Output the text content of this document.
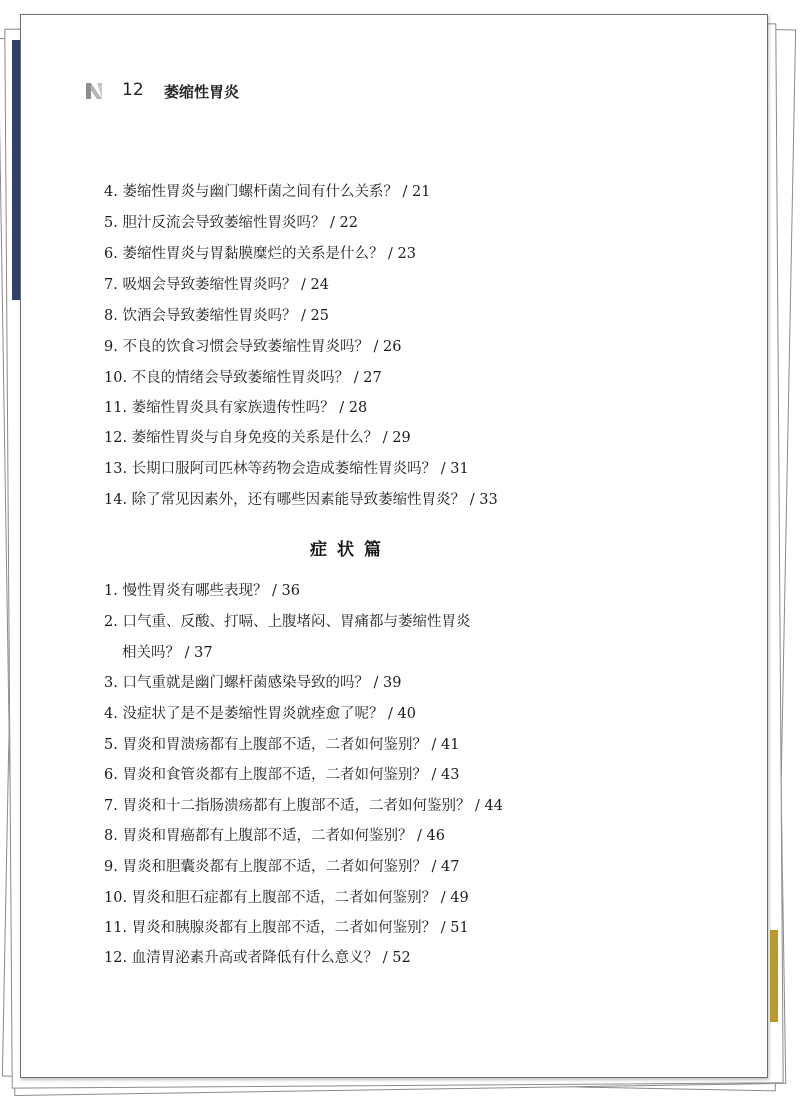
12 萎缩性胃炎
4. 萎缩性胃炎与幽门螺杆菌之间有什么关系？ / 21
5. 胆汁反流会导致萎缩性胃炎吗？ / 22
6. 萎缩性胃炎与胃黏膜糜烂的关系是什么？ / 23
7. 吸烟会导致萎缩性胃炎吗？ / 24
8. 饮酒会导致萎缩性胃炎吗？ / 25
9. 不良的饮食习惯会导致萎缩性胃炎吗？ / 26
10. 不良的情绪会导致萎缩性胃炎吗？ / 27
11. 萎缩性胃炎具有家族遗传性吗？ / 28
12. 萎缩性胃炎与自身免疫的关系是什么？ / 29
13. 长期口服阿司匹林等药物会造成萎缩性胃炎吗？ / 31
14. 除了常见因素外，还有哪些因素能导致萎缩性胃炎？ / 33
症状篇
1. 慢性胃炎有哪些表现？ / 36
2. 口气重、反酸、打嗝、上腹堵闷、胃痛都与萎缩性胃炎
相关吗？ / 37
3. 口气重就是幽门螺杆菌感染导致的吗？ / 39
4. 没症状了是不是萎缩性胃炎就痊愈了呢？ / 40
5. 胃炎和胃溃疡都有上腹部不适，二者如何鉴别？ / 41
6. 胃炎和食管炎都有上腹部不适，二者如何鉴别？ / 43
7. 胃炎和十二指肠溃疡都有上腹部不适，二者如何鉴别？ / 44
8. 胃炎和胃癌都有上腹部不适，二者如何鉴别？ / 46
9. 胃炎和胆囊炎都有上腹部不适，二者如何鉴别？ / 47
10. 胃炎和胆石症都有上腹部不适，二者如何鉴别？ / 49
11. 胃炎和胰腺炎都有上腹部不适，二者如何鉴别？ / 51
12. 血清胃泌素升高或者降低有什么意义？ / 52
